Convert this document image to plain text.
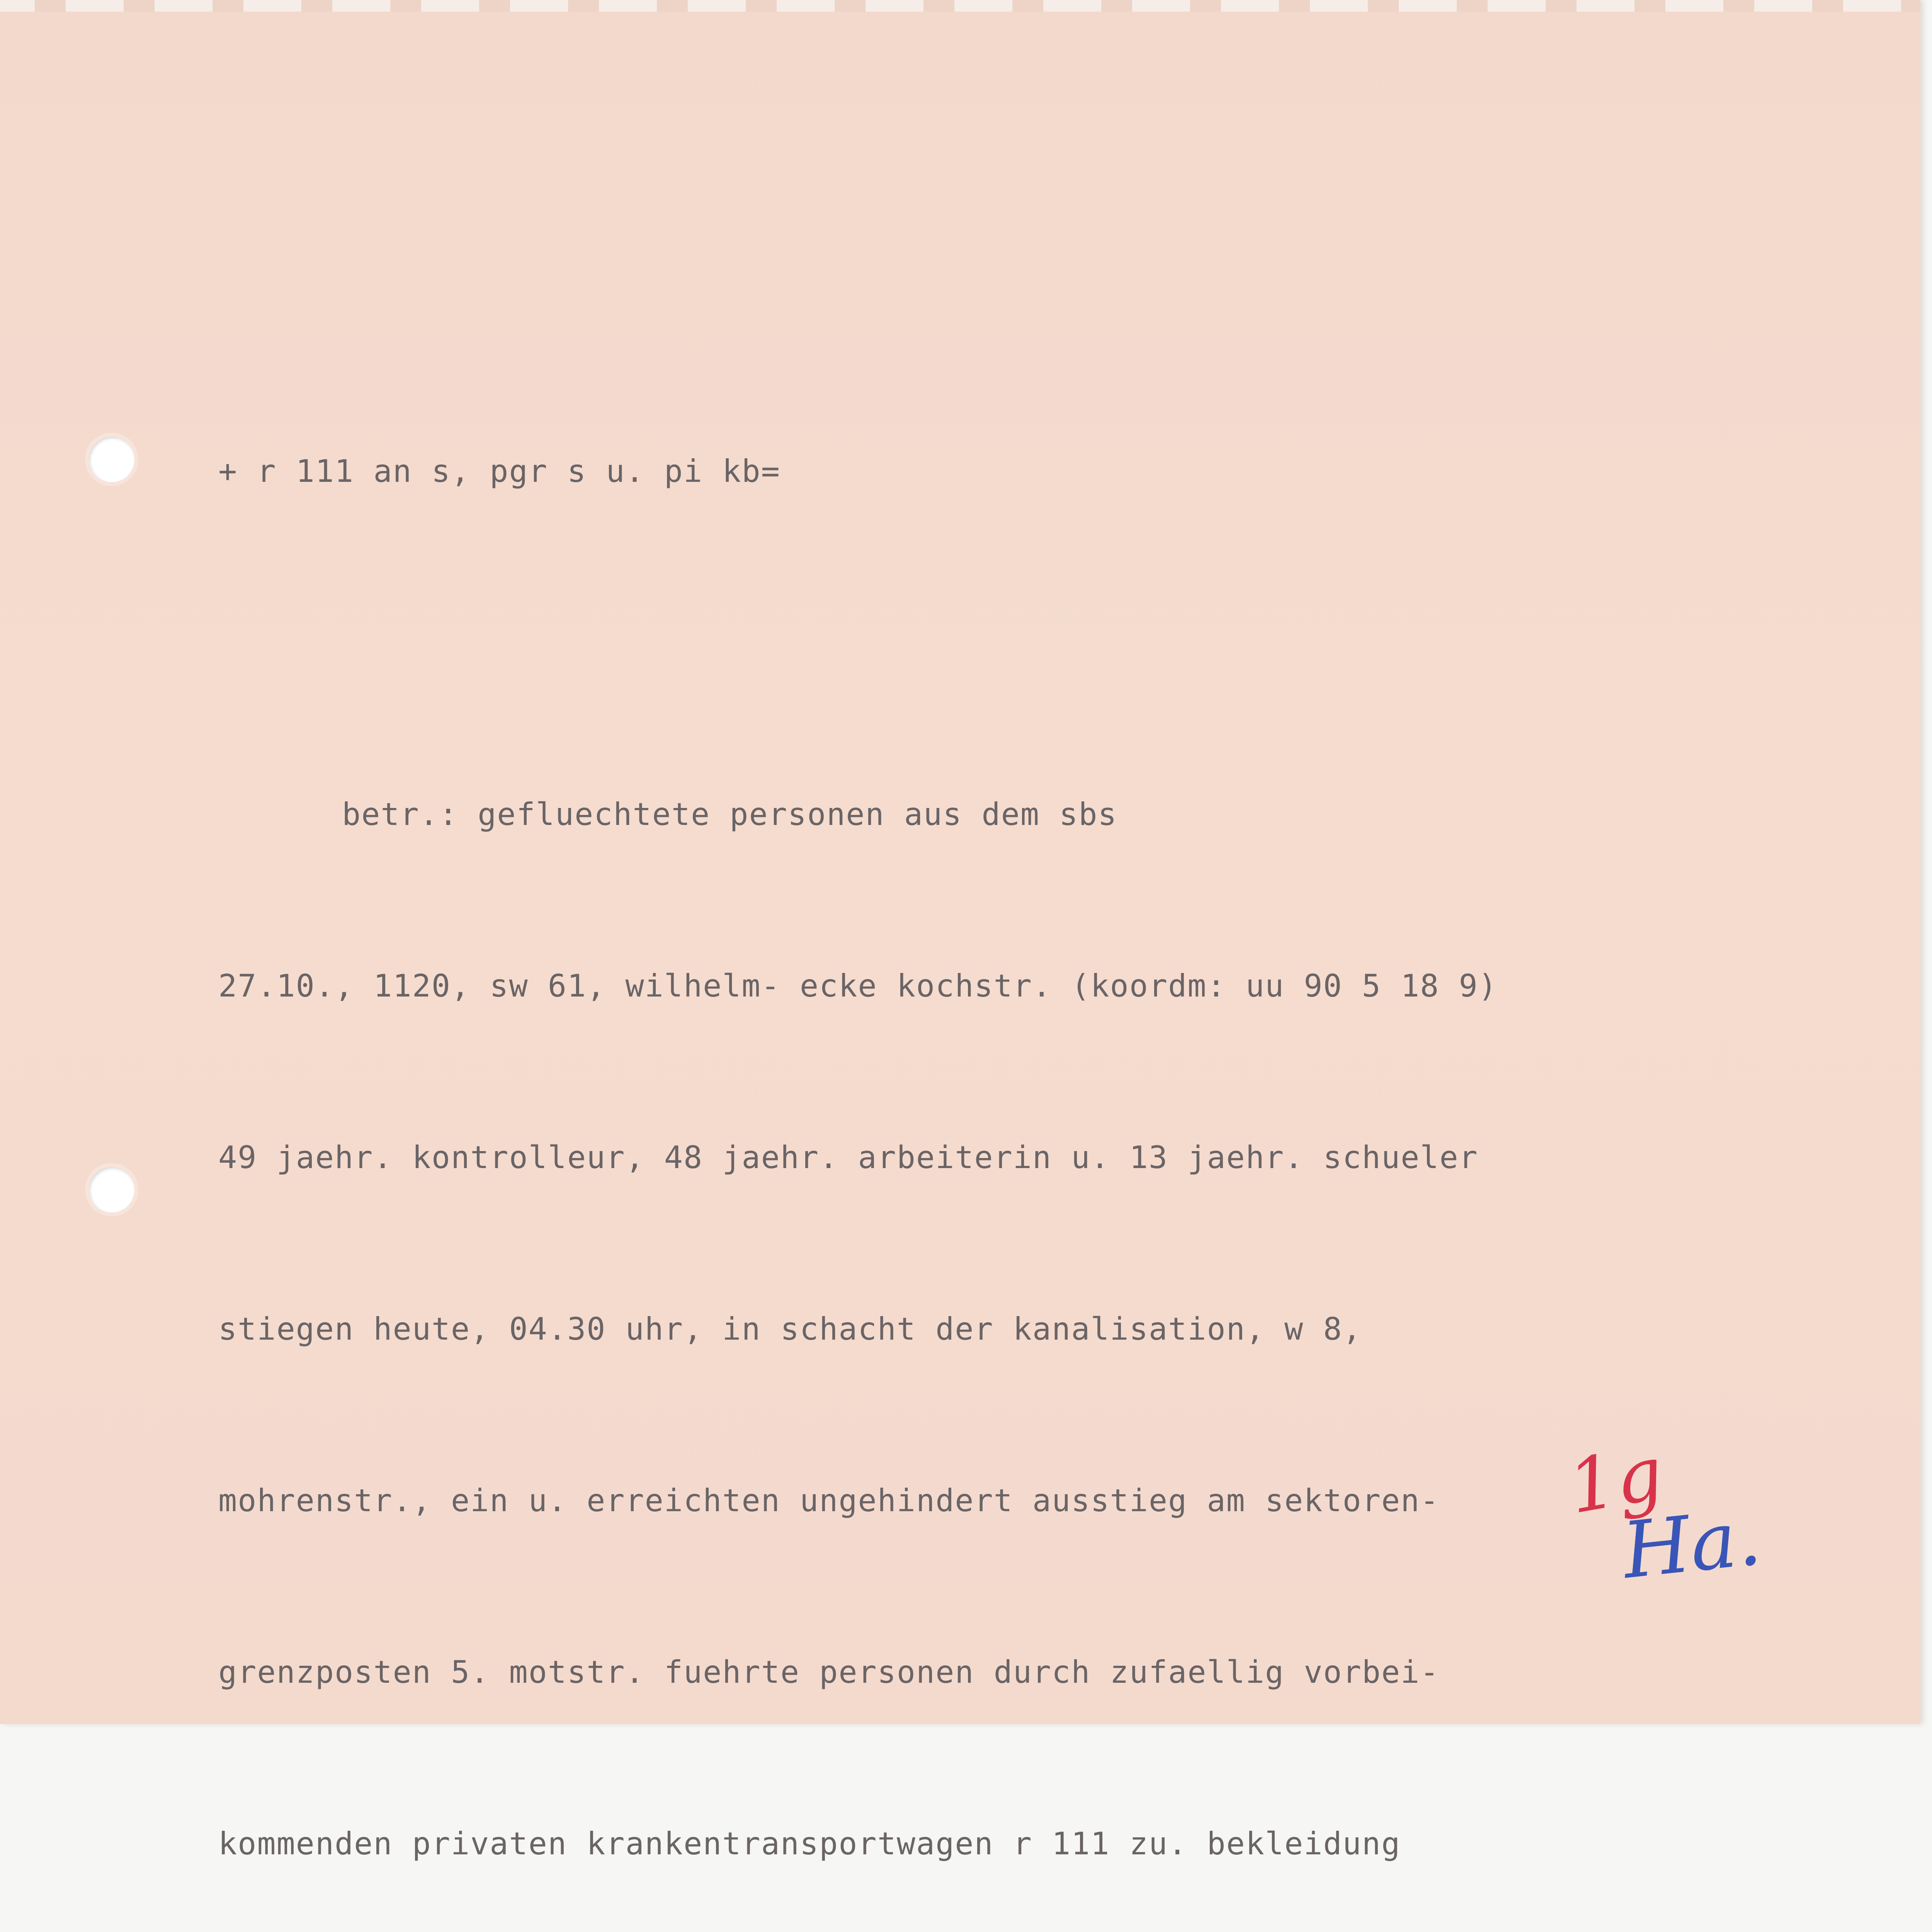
+ r 111 an s, pgr s u. pi kb=

betr.: gefluechtete personen aus dem sbs

27.10., 1120, sw 61, wilhelm- ecke kochstr. (koordm: uu 90 5 18 9)

49 jaehr. kontrolleur, 48 jaehr. arbeiterin u. 13 jaehr. schueler

stiegen heute, 04.30 uhr, in schacht der kanalisation, w 8,

mohrenstr., ein u. erreichten ungehindert ausstieg am sektoren-

grenzposten 5. motstr. fuehrte personen durch zufaellig vorbei-

kommenden privaten krankentransportwagen r 111 zu. bekleidung

1g
Ha.
